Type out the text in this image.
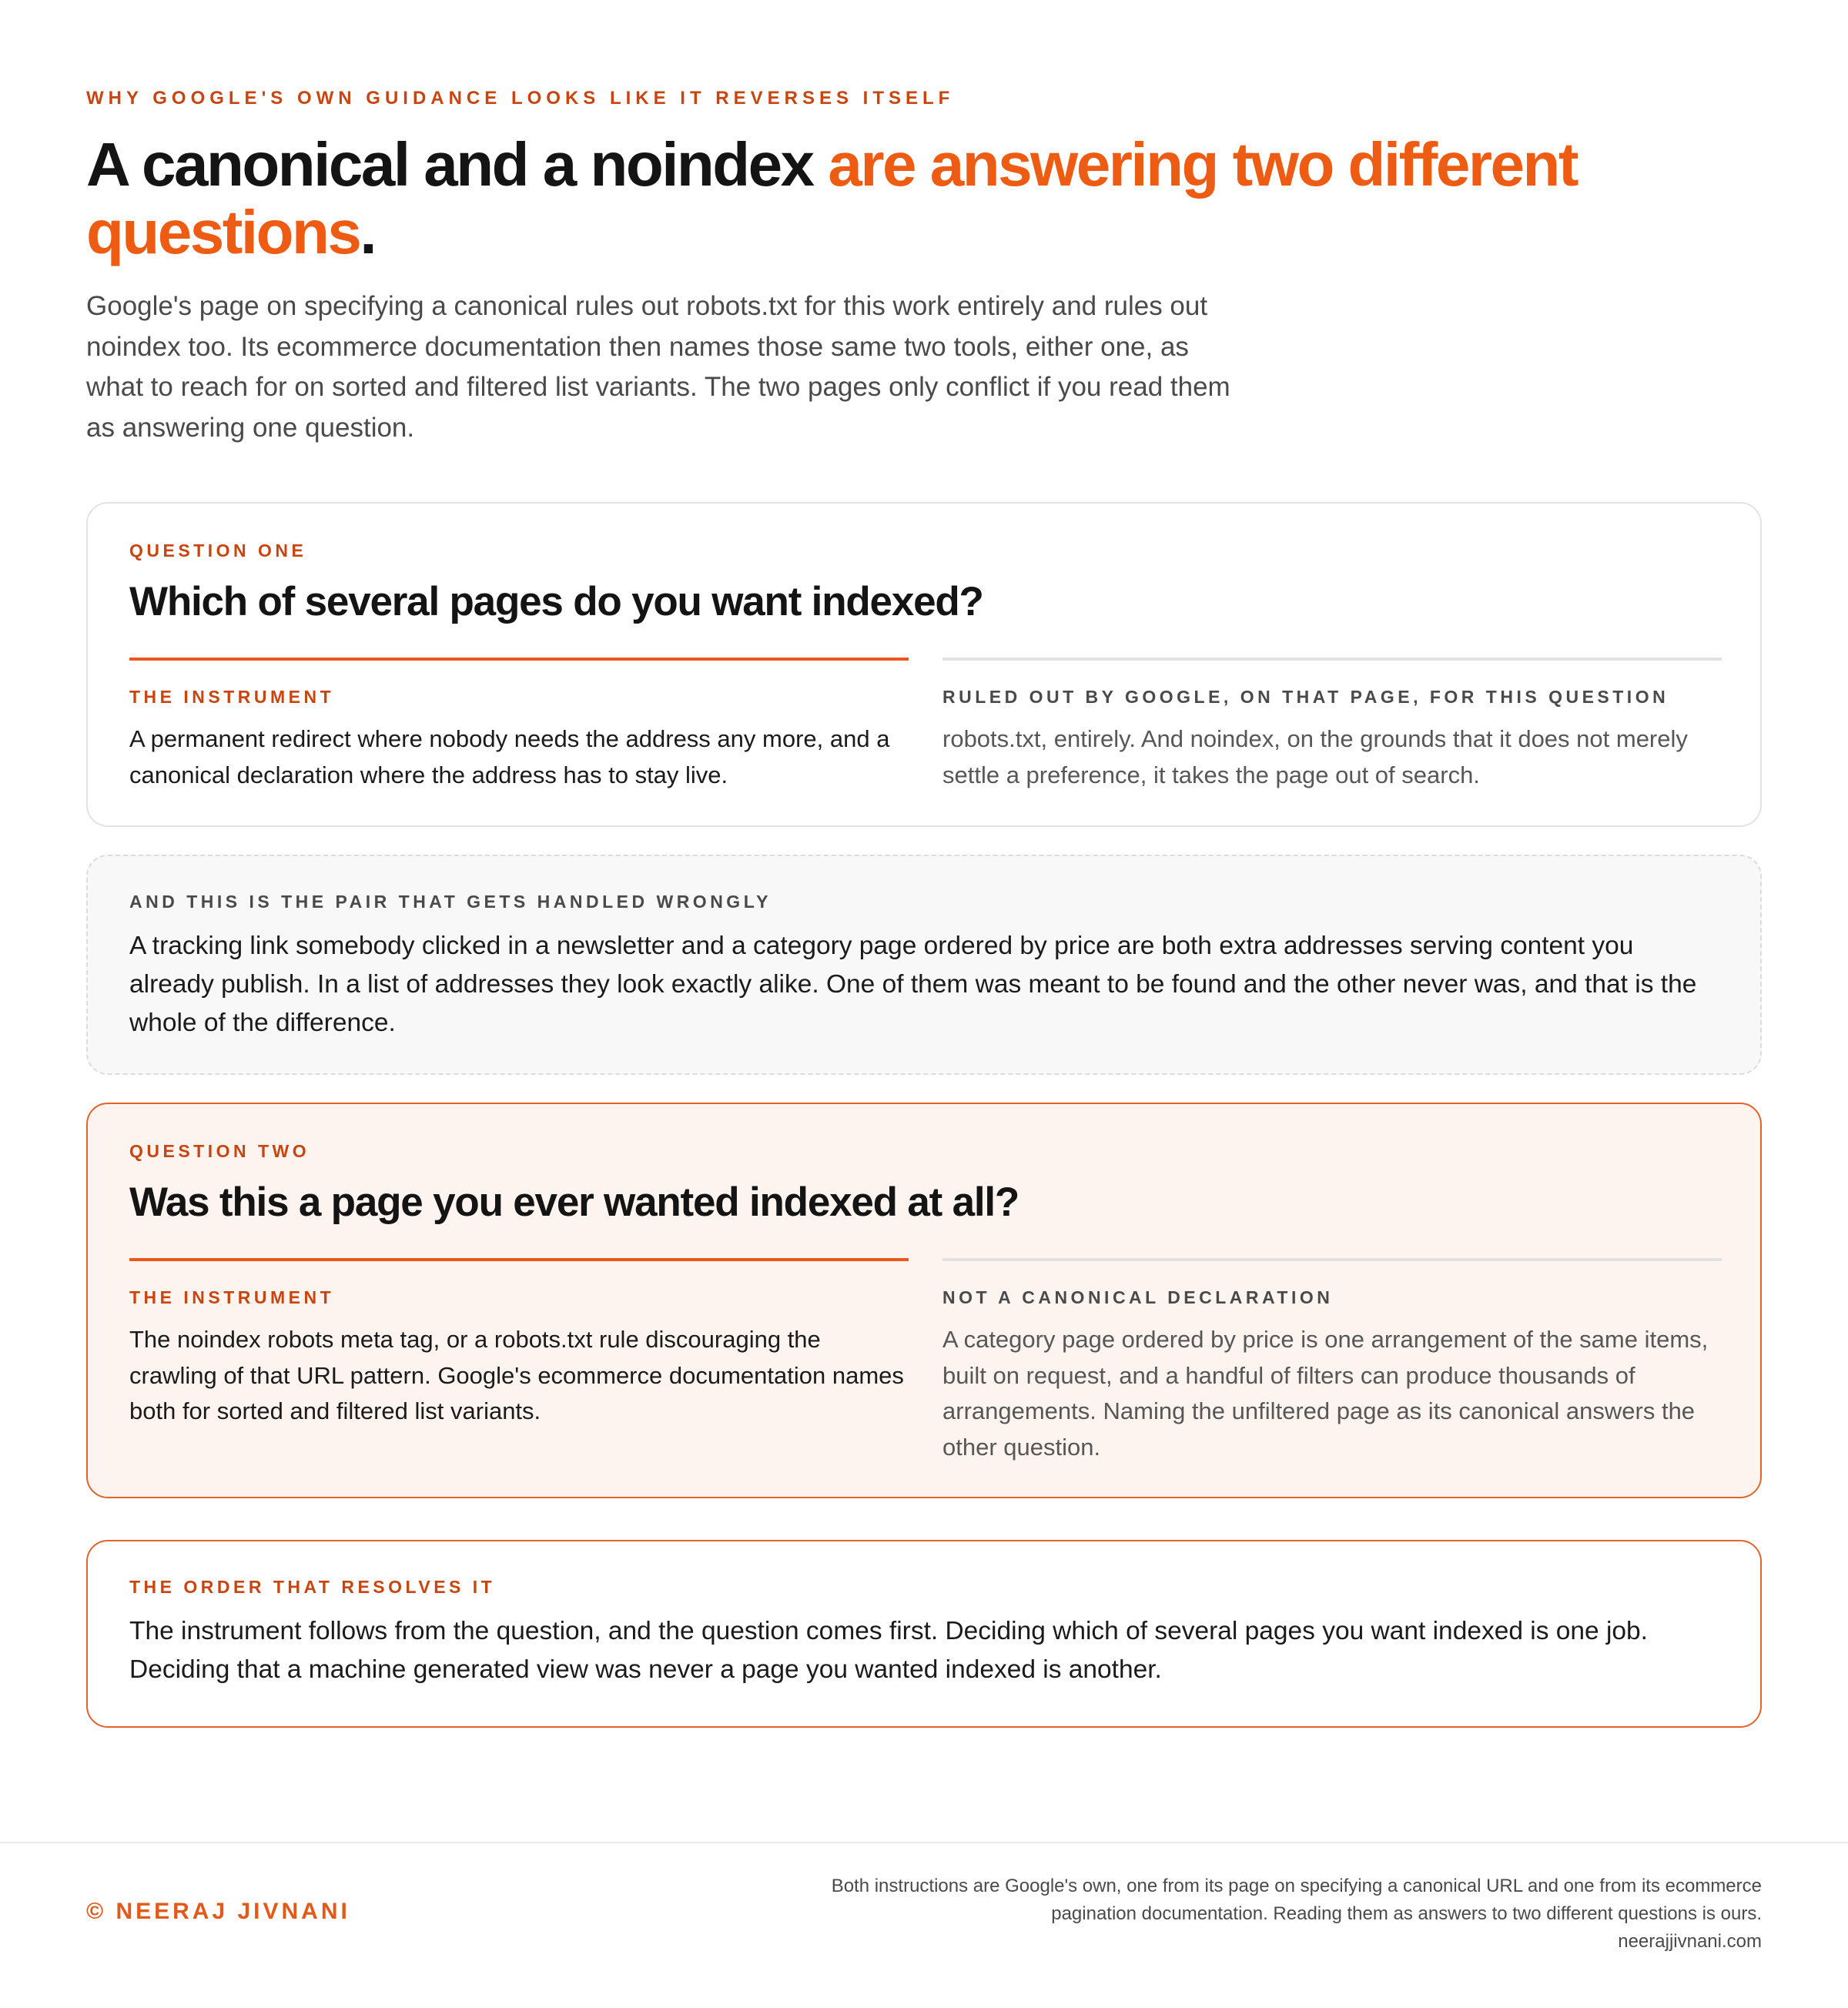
WHY GOOGLE'S OWN GUIDANCE LOOKS LIKE IT REVERSES ITSELF
A canonical and a noindex are answering two different questions.

Google's page on specifying a canonical rules out robots.txt for this work entirely and rules out noindex too. Its ecommerce documentation then names those same two tools, either one, as what to reach for on sorted and filtered list variants. The two pages only conflict if you read them as answering one question.

QUESTION ONE
Which of several pages do you want indexed?
THE INSTRUMENT

A permanent redirect where nobody needs the address any more, and a canonical declaration where the address has to stay live.

RULED OUT BY GOOGLE, ON THAT PAGE, FOR THIS QUESTION

robots.txt, entirely. And noindex, on the grounds that it does not merely settle a preference, it takes the page out of search.

AND THIS IS THE PAIR THAT GETS HANDLED WRONGLY

A tracking link somebody clicked in a newsletter and a category page ordered by price are both extra addresses serving content you already publish. In a list of addresses they look exactly alike. One of them was meant to be found and the other never was, and that is the whole of the difference.

QUESTION TWO
Was this a page you ever wanted indexed at all?
THE INSTRUMENT

The noindex robots meta tag, or a robots.txt rule discouraging the crawling of that URL pattern. Google's ecommerce documentation names both for sorted and filtered list variants.

NOT A CANONICAL DECLARATION

A category page ordered by price is one arrangement of the same items, built on request, and a handful of filters can produce thousands of arrangements. Naming the unfiltered page as its canonical answers the other question.

THE ORDER THAT RESOLVES IT

The instrument follows from the question, and the question comes first. Deciding which of several pages you want indexed is one job. Deciding that a machine generated view was never a page you wanted indexed is another.

© NEERAJ JIVNANI

Both instructions are Google's own, one from its page on specifying a canonical URL and one from its ecommerce

pagination documentation. Reading them as answers to two different questions is ours.

neerajjivnani.com
